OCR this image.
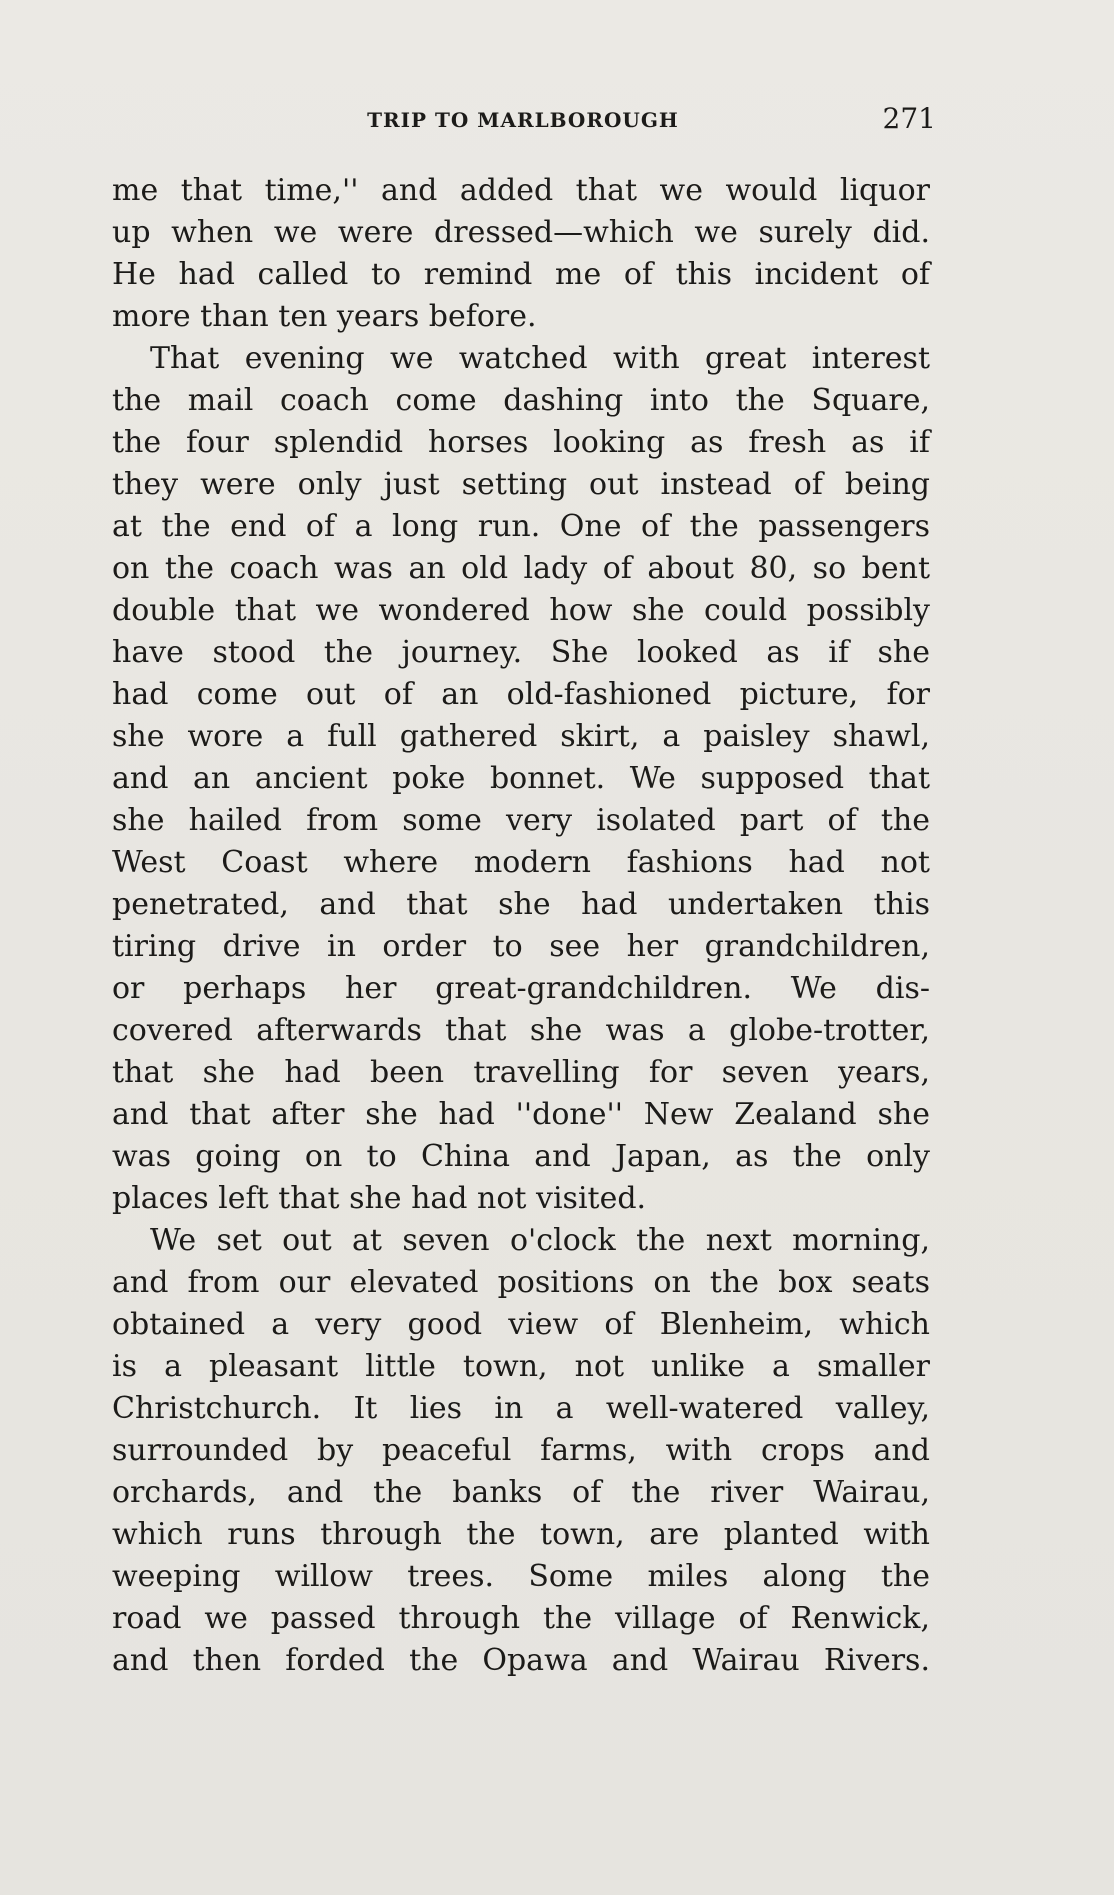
TRIP TO MARLBOROUGH	271
me that time,'' and added that we would liquor
up when we were dressed—which we surely did.
He had called to remind me of this incident of
more than ten years before.
That evening we watched with great interest
the mail coach come dashing into the Square,
the four splendid horses looking as fresh as if
they were only just setting out instead of being
at the end of a long run. One of the passengers
on the coach was an old lady of about 80, so bent
double that we wondered how she could possibly
have stood the journey. She looked as if she
had come out of an old-fashioned picture, for
she wore a full gathered skirt, a paisley shawl,
and an ancient poke bonnet. We supposed that
she hailed from some very isolated part of the
West Coast where modern fashions had not
penetrated, and that she had undertaken this
tiring drive in order to see her grandchildren,
or perhaps her great-grandchildren. We dis-
covered afterwards that she was a globe-trotter,
that she had been travelling for seven years,
and that after she had ''done'' New Zealand she
was going on to China and Japan, as the only
places left that she had not visited.
We set out at seven o'clock the next morning,
and from our elevated positions on the box seats
obtained a very good view of Blenheim, which
is a pleasant little town, not unlike a smaller
Christchurch. It lies in a well-watered valley,
surrounded by peaceful farms, with crops and
orchards, and the banks of the river Wairau,
which runs through the town, are planted with
weeping willow trees. Some miles along the
road we passed through the village of Renwick,
and then forded the Opawa and Wairau Rivers.
